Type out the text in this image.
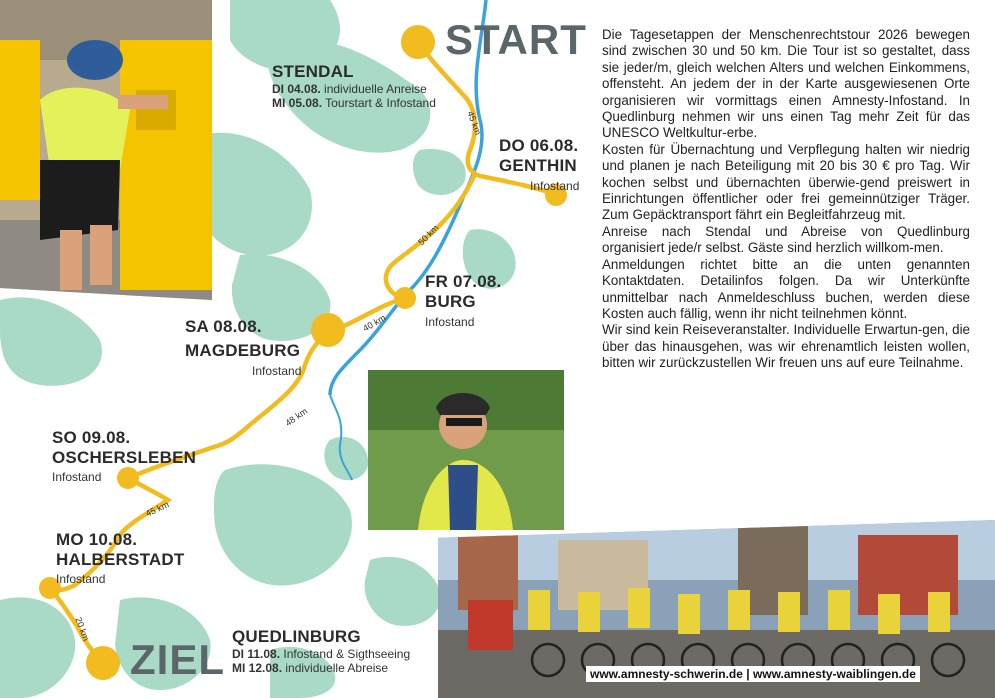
START
STENDAL
DI 04.08. individuelle Anreise
MI 05.08. Tourstart & Infostand
DO 06.08.
GENTHIN
Infostand
FR 07.08.
BURG
Infostand
SA 08.08.
MAGDEBURG
Infostand
SO 09.08.
OSCHERSLEBEN
Infostand
MO 10.08.
HALBERSTADT
Infostand
ZIEL QUEDLINBURG
DI 11.08. Infostand & Sigthseeing
MI 12.08. individuelle Abreise
45 km
50 km
40 km
48 km
45 km
20 km

Die Tagesetappen der Menschenrechtstour 2026 bewegen sind zwischen 30 und 50 km. Die Tour ist so gestaltet, dass sie jeder/m, gleich welchen Alters und welchen Einkommens, offensteht. An jedem der in der Karte ausgewiesenen Orte organisieren wir vormittags einen Amnesty-Infostand. In Quedlinburg nehmen wir uns einen Tag mehr Zeit für das UNESCO Weltkultur-erbe.

Kosten für Übernachtung und Verpflegung halten wir niedrig und planen je nach Beteiligung mit 20 bis 30 € pro Tag. Wir kochen selbst und übernachten überwie-gend preiswert in Einrichtungen öffentlicher oder frei gemeinnütziger Träger. Zum Gepäcktransport fährt ein Begleitfahrzeug mit.

Anreise nach Stendal und Abreise von Quedlinburg organisiert jede/r selbst. Gäste sind herzlich willkom-men.

Anmeldungen richtet bitte an die unten genannten Kontaktdaten. Detailinfos folgen. Da wir Unterkünfte unmittelbar nach Anmeldeschluss buchen, werden diese Kosten auch fällig, wenn ihr nicht teilnehmen könnt.

Wir sind kein Reiseveranstalter. Individuelle Erwartun-gen, die über das hinausgehen, was wir ehrenamtlich leisten wollen, bitten wir zurückzustellen Wir freuen uns auf eure Teilnahme.

www.amnesty-schwerin.de | www.amnesty-waiblingen.de
